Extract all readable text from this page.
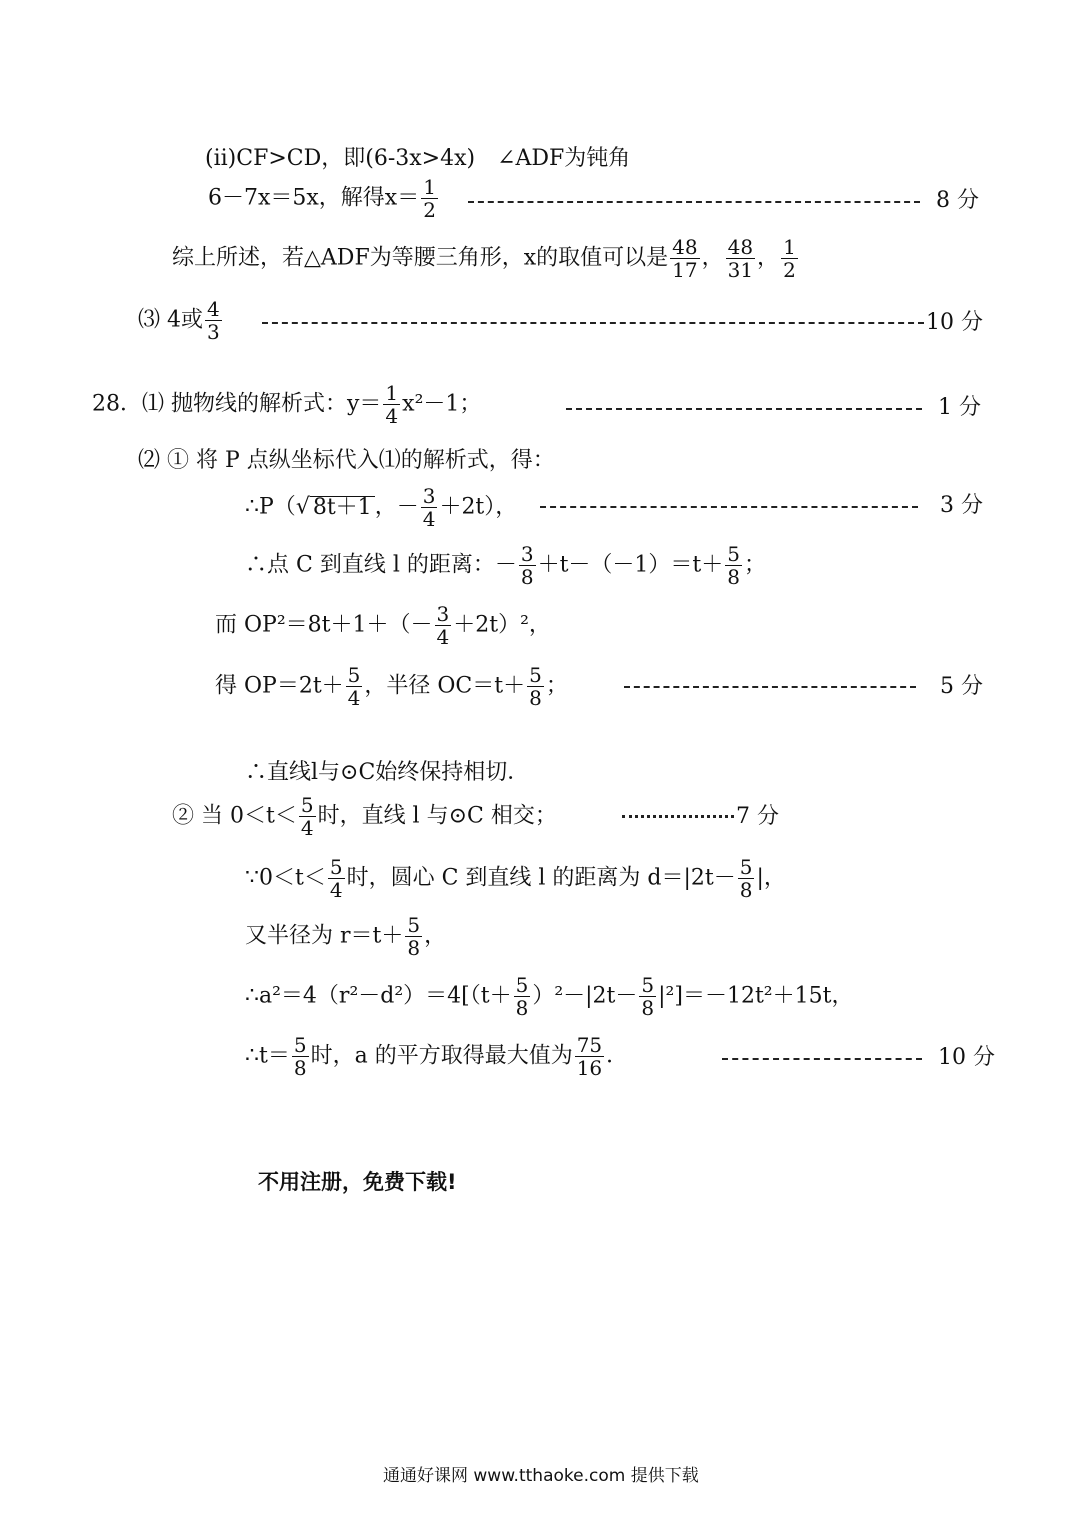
(ⅱ)CF>CD，即(6-3x>4x)　∠ADF为钝角
6－7x＝5x，解得$x= \frac{1}{2}$	8 分
综上所述，若△ADF为等腰三角形，x的取值可以是 $\frac{48}{17}$ ， $\frac{48}{31}$ ， $\frac{1}{2}$
⑶ 4或 $\frac{4}{3}$	10 分
28．⑴ 抛物线的解析式：$y= \frac{1}{4} x^2-1$；	1 分
⑵ ① 将 P 点纵坐标代入⑴的解析式，得：
∴P（√ 8t＋1 ，－ $\frac{3}{4} +2t$），	3 分
∴点 C 到直线 l 的距离：－ $\frac{3}{8} +t-(-1)=t+ \frac{5}{8}$ ；
而 $OP^2=8t+1+(- \frac{3}{4} +2t)^2$，
得 $OP=2t+ \frac{5}{4}$ ，半径 $OC=t+ \frac{5}{8}$ ；	5 分
∴直线l与⊙C始终保持相切．
② 当 $0<t< \frac{5}{4}$ 时，直线 l 与⊙C 相交；	7 分
∵0＜t＜ $\frac{5}{4}$ 时，圆心 C 到直线 l 的距离为 $d=|2t- \frac{5}{8}$ |，
又半径为 $r=t+ \frac{5}{8}$ ，
∴a²＝4（r²－d²）＝4[（t＋ $\frac{5}{8} )^2-|2t- \frac{5}{8} |^2]=-12t^2+15t$，
∴t＝ $\frac{5}{8}$ 时，a 的平方取得最大值为 $\frac{75}{16}$ ．	10 分
不用注册，免费下载!
通通好课网 www.tthaoke.com 提供下载
